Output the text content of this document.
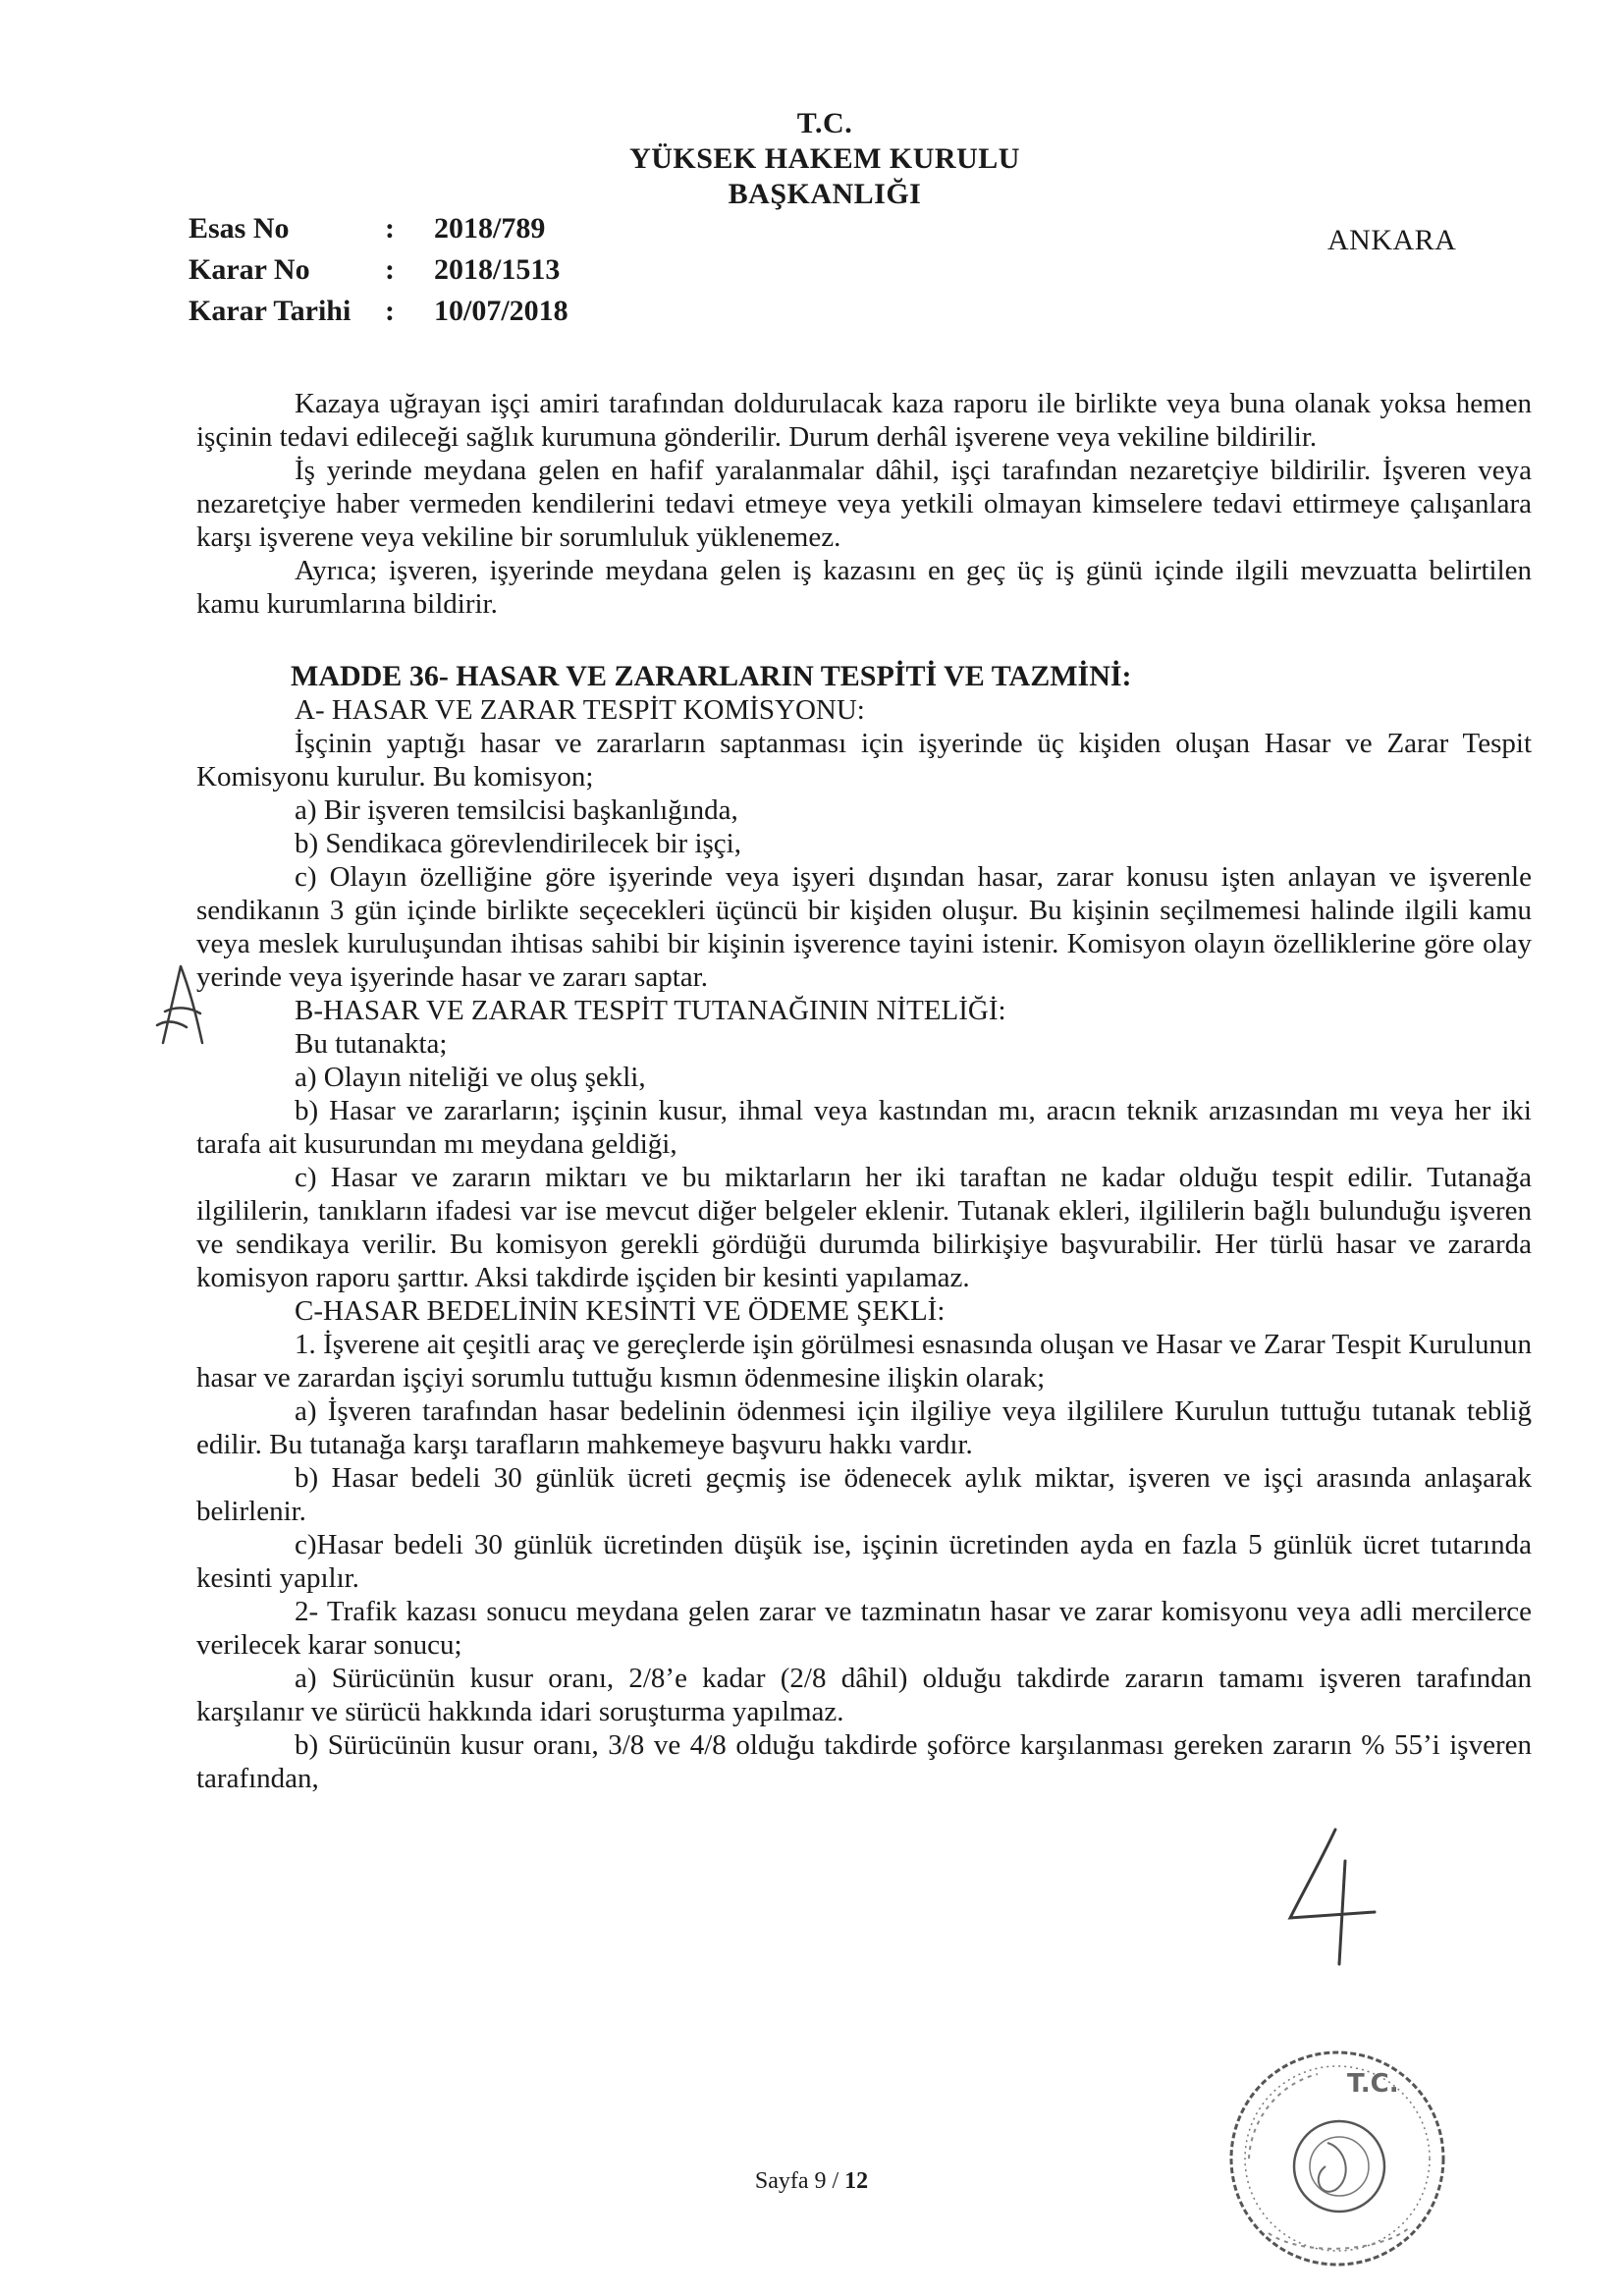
T.C.
YÜKSEK HAKEM KURULU
BAŞKANLIĞI
ANKARA
Esas No	:	2018/789
Karar No	:	2018/1513
Karar Tarihi	:	10/07/2018

Kazaya uğrayan işçi amiri tarafından doldurulacak kaza raporu ile birlikte veya buna olanak yoksa hemen işçinin tedavi edileceği sağlık kurumuna gönderilir. Durum derhâl işverene veya vekiline bildirilir.

İş yerinde meydana gelen en hafif yaralanmalar dâhil, işçi tarafından nezaretçiye bildirilir. İşveren veya nezaretçiye haber vermeden kendilerini tedavi etmeye veya yetkili olmayan kimselere tedavi ettirmeye çalışanlara karşı işverene veya vekiline bir sorumluluk yüklenemez.

Ayrıca; işveren, işyerinde meydana gelen iş kazasını en geç üç iş günü içinde ilgili mevzuatta belirtilen kamu kurumlarına bildirir.

MADDE 36- HASAR VE ZARARLARIN TESPİTİ VE TAZMİNİ:

A- HASAR VE ZARAR TESPİT KOMİSYONU:

İşçinin yaptığı hasar ve zararların saptanması için işyerinde üç kişiden oluşan Hasar ve Zarar Tespit Komisyonu kurulur. Bu komisyon;

a) Bir işveren temsilcisi başkanlığında,

b) Sendikaca görevlendirilecek bir işçi,

c) Olayın özelliğine göre işyerinde veya işyeri dışından hasar, zarar konusu işten anlayan ve işverenle sendikanın 3 gün içinde birlikte seçecekleri üçüncü bir kişiden oluşur. Bu kişinin seçilmemesi halinde ilgili kamu veya meslek kuruluşundan ihtisas sahibi bir kişinin işverence tayini istenir. Komisyon olayın özelliklerine göre olay yerinde veya işyerinde hasar ve zararı saptar.

B-HASAR VE ZARAR TESPİT TUTANAĞININ NİTELİĞİ:

Bu tutanakta;

a) Olayın niteliği ve oluş şekli,

b) Hasar ve zararların; işçinin kusur, ihmal veya kastından mı, aracın teknik arızasından mı veya her iki tarafa ait kusurundan mı meydana geldiği,

c) Hasar ve zararın miktarı ve bu miktarların her iki taraftan ne kadar olduğu tespit edilir. Tutanağa ilgililerin, tanıkların ifadesi var ise mevcut diğer belgeler eklenir. Tutanak ekleri, ilgililerin bağlı bulunduğu işveren ve sendikaya verilir. Bu komisyon gerekli gördüğü durumda bilirkişiye başvurabilir. Her türlü hasar ve zararda komisyon raporu şarttır. Aksi takdirde işçiden bir kesinti yapılamaz.

C-HASAR BEDELİNİN KESİNTİ VE ÖDEME ŞEKLİ:

1. İşverene ait çeşitli araç ve gereçlerde işin görülmesi esnasında oluşan ve Hasar ve Zarar Tespit Kurulunun hasar ve zarardan işçiyi sorumlu tuttuğu kısmın ödenmesine ilişkin olarak;

a) İşveren tarafından hasar bedelinin ödenmesi için ilgiliye veya ilgililere Kurulun tuttuğu tutanak tebliğ edilir. Bu tutanağa karşı tarafların mahkemeye başvuru hakkı vardır.

b) Hasar bedeli 30 günlük ücreti geçmiş ise ödenecek aylık miktar, işveren ve işçi arasında anlaşarak belirlenir.

c)Hasar bedeli 30 günlük ücretinden düşük ise, işçinin ücretinden ayda en fazla 5 günlük ücret tutarında kesinti yapılır.

2- Trafik kazası sonucu meydana gelen zarar ve tazminatın hasar ve zarar komisyonu veya adli mercilerce verilecek karar sonucu;

a) Sürücünün kusur oranı, 2/8’e kadar (2/8 dâhil) olduğu takdirde zararın tamamı işveren tarafından karşılanır ve sürücü hakkında idari soruşturma yapılmaz.

b) Sürücünün kusur oranı, 3/8 ve 4/8 olduğu takdirde şoförce karşılanması gereken zararın % 55’i işveren tarafından,

Sayfa 9 / 12
T.C.
